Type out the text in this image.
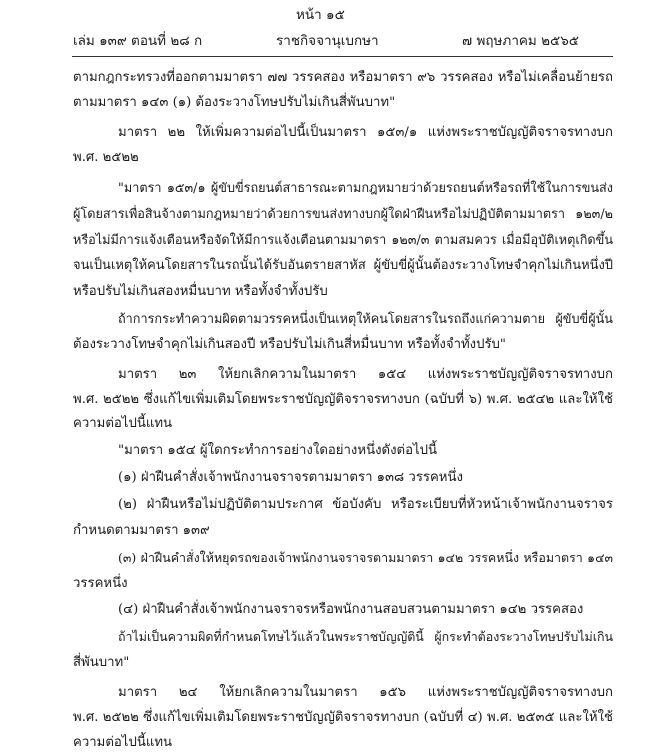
หน้า ๑๕
เล่ม ๑๓๙ ตอนที่ ๒๘ ก	ราชกิจจานุเบกษา	๗ พฤษภาคม ๒๕๖๕
ตามกฎกระทรวงที่ออกตามมาตรา ๗๗ วรรคสอง หรือมาตรา ๙๖ วรรคสอง หรือไม่เคลื่อนย้ายรถ
ตามมาตรา ๑๔๓ (๑) ต้องระวางโทษปรับไม่เกินสี่พันบาท"
มาตรา ๒๒ ให้เพิ่มความต่อไปนี้เป็นมาตรา ๑๕๓/๑ แห่งพระราชบัญญัติจราจรทางบก
พ.ศ. ๒๕๒๒
"มาตรา ๑๕๓/๑ ผู้ขับขี่รถยนต์สาธารณะตามกฎหมายว่าด้วยรถยนต์หรือรถที่ใช้ในการขนส่ง
ผู้โดยสารเพื่อสินจ้างตามกฎหมายว่าด้วยการขนส่งทางบกผู้ใดฝ่าฝืนหรือไม่ปฏิบัติตามมาตรา ๑๒๓/๒
หรือไม่มีการแจ้งเตือนหรือจัดให้มีการแจ้งเตือนตามมาตรา ๑๒๓/๓ ตามสมควร เมื่อมีอุบัติเหตุเกิดขึ้น
จนเป็นเหตุให้คนโดยสารในรถนั้นได้รับอันตรายสาหัส ผู้ขับขี่ผู้นั้นต้องระวางโทษจำคุกไม่เกินหนึ่งปี
หรือปรับไม่เกินสองหมื่นบาท หรือทั้งจำทั้งปรับ
ถ้าการกระทำความผิดตามวรรคหนึ่งเป็นเหตุให้คนโดยสารในรถถึงแก่ความตาย ผู้ขับขี่ผู้นั้น
ต้องระวางโทษจำคุกไม่เกินสองปี หรือปรับไม่เกินสี่หมื่นบาท หรือทั้งจำทั้งปรับ"
มาตรา ๒๓ ให้ยกเลิกความในมาตรา ๑๕๔ แห่งพระราชบัญญัติจราจรทางบก
พ.ศ. ๒๕๒๒ ซึ่งแก้ไขเพิ่มเติมโดยพระราชบัญญัติจราจรทางบก (ฉบับที่ ๖) พ.ศ. ๒๕๔๒ และให้ใช้
ความต่อไปนี้แทน
"มาตรา ๑๕๔ ผู้ใดกระทำการอย่างใดอย่างหนึ่งดังต่อไปนี้
(๑) ฝ่าฝืนคำสั่งเจ้าพนักงานจราจรตามมาตรา ๑๓๘ วรรคหนึ่ง
(๒) ฝ่าฝืนหรือไม่ปฏิบัติตามประกาศ ข้อบังคับ หรือระเบียบที่หัวหน้าเจ้าพนักงานจราจร
กำหนดตามมาตรา ๑๓๙
(๓) ฝ่าฝืนคำสั่งให้หยุดรถของเจ้าพนักงานจราจรตามมาตรา ๑๔๒ วรรคหนึ่ง หรือมาตรา ๑๔๓
วรรคหนึ่ง
(๔) ฝ่าฝืนคำสั่งเจ้าพนักงานจราจรหรือพนักงานสอบสวนตามมาตรา ๑๔๒ วรรคสอง
ถ้าไม่เป็นความผิดที่กำหนดโทษไว้แล้วในพระราชบัญญัตินี้ ผู้กระทำต้องระวางโทษปรับไม่เกิน
สี่พันบาท"
มาตรา ๒๔ ให้ยกเลิกความในมาตรา ๑๕๖ แห่งพระราชบัญญัติจราจรทางบก
พ.ศ. ๒๕๒๒ ซึ่งแก้ไขเพิ่มเติมโดยพระราชบัญญัติจราจรทางบก (ฉบับที่ ๔) พ.ศ. ๒๕๓๕ และให้ใช้
ความต่อไปนี้แทน
